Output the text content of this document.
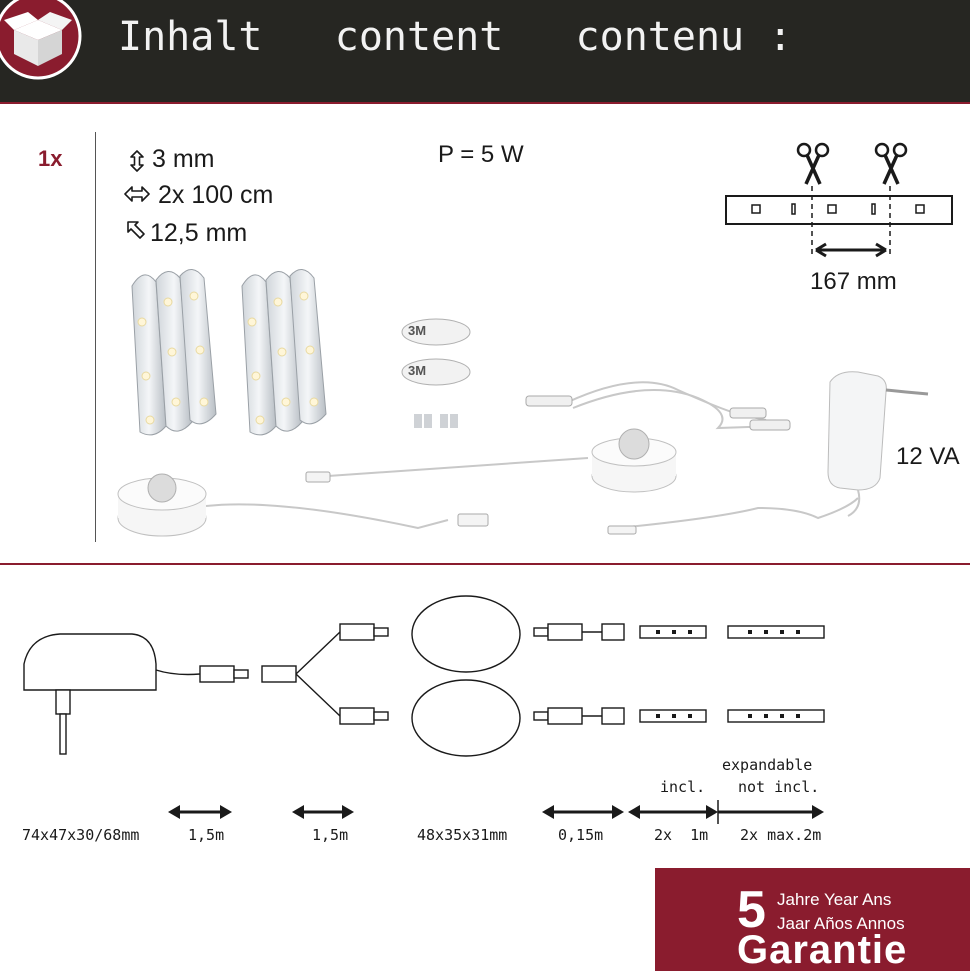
Inhalt   content   contenu :
1x	3 mm
2x 100 cm
12,5 mm
P = 5 W
167 mm
3M
3M
12 VA
incl.
expandable
not incl.
74x47x30/68mm	1,5m	1,5m	48x35x31mm	0,15m	2x  1m 2x max.2m
5 Jahre Year Ans
Jaar Años Annos
Garantie
